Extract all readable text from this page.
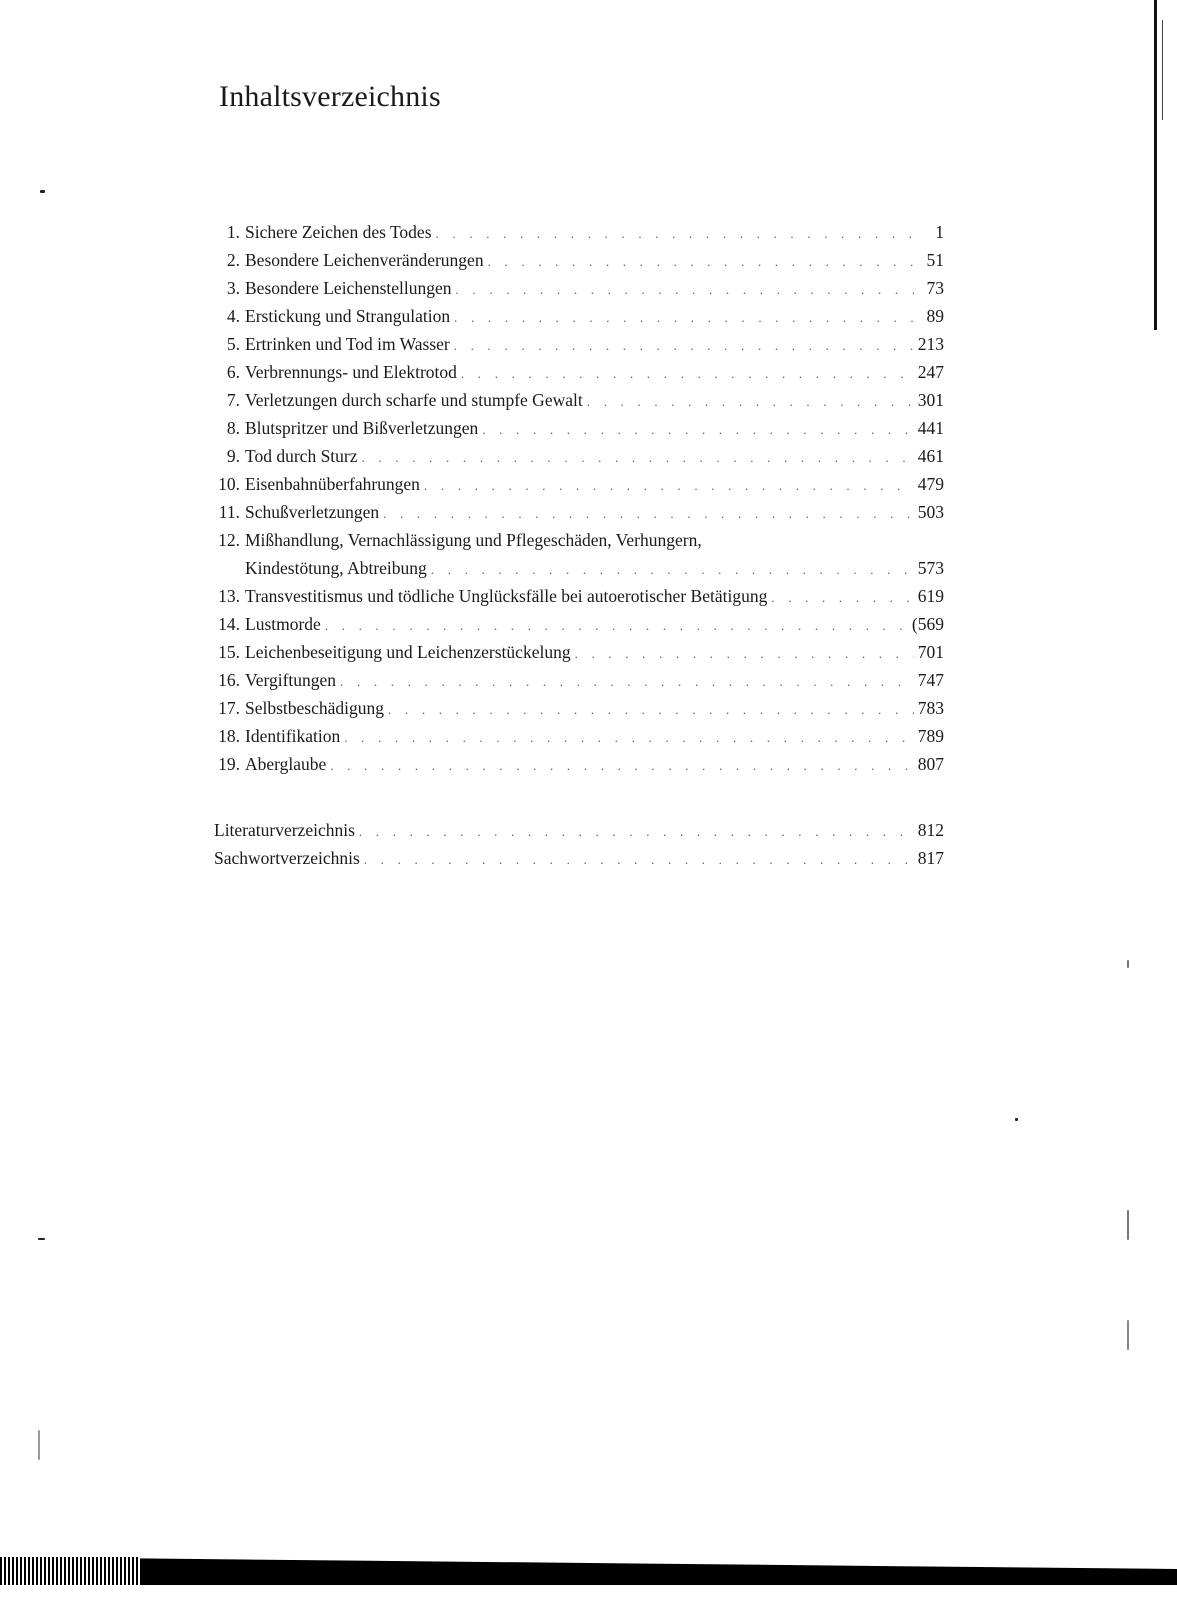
Inhaltsverzeichnis
1. Sichere Zeichen des Todes . . .	1
2. Besondere Leichenveränderungen . . .	51
3. Besondere Leichenstellungen . . .	73
4. Erstickung und Strangulation . . .	89
5. Ertrinken und Tod im Wasser . . .	213
6. Verbrennungs- und Elektrotod . . .	247
7. Verletzungen durch scharfe und stumpfe Gewalt . . .	301
8. Blutspritzer und Bißverletzungen . . .	441
9. Tod durch Sturz . . .	461
10. Eisenbahnüberfahrungen . . .	479
11. Schußverletzungen . . .	503
12. Mißhandlung, Vernachlässigung und Pflegeschäden, Verhungern,
Kindestötung, Abtreibung . . .	573
13. Transvestitismus und tödliche Unglücksfälle bei autoerotischer Betätigung . . .	619
14. Lustmorde . . .	(569
15. Leichenbeseitigung und Leichenzerstückelung . . .	701
16. Vergiftungen . . .	747
17. Selbstbeschädigung . . .	783
18. Identifikation . . .	789
19. Aberglaube . . .	807
Literaturverzeichnis . . .	812
Sachwortverzeichnis . . .	817
